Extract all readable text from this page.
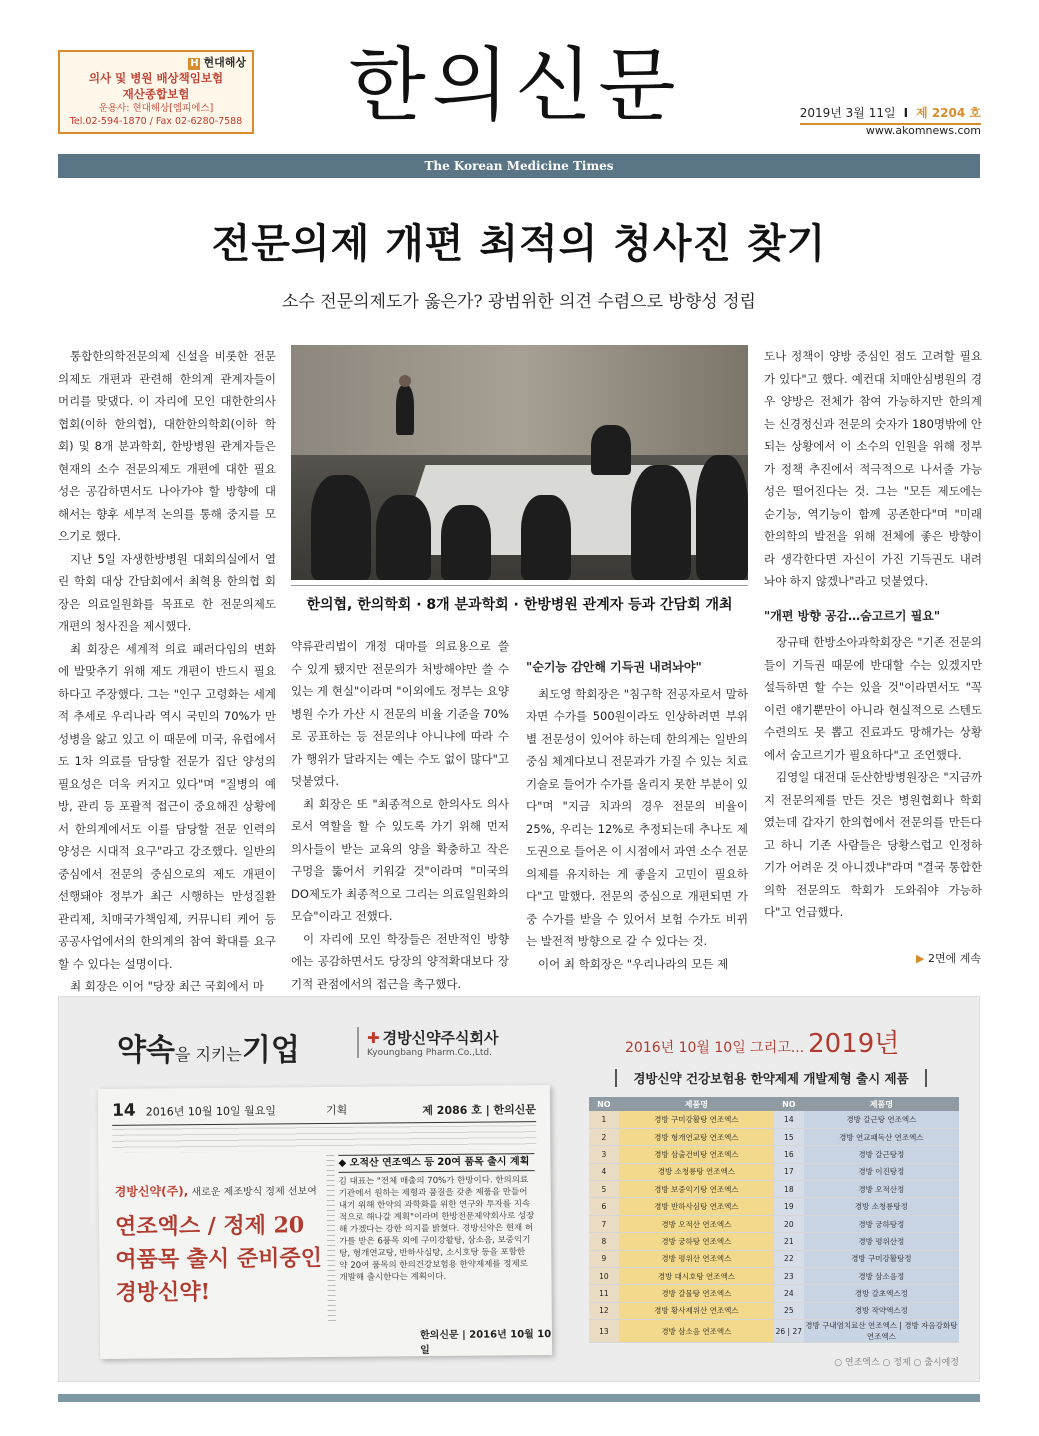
H 현대해상
의사 및 병원 배상책임보험
재산종합보험
운용사: 현대해상[엠피에스]
Tel.02-594-1870 / Fax 02-6280-7588 한의신문	2019년 3월 11일 I 제 2204 호
www.akomnews.com
The Korean Medicine Times
전문의제 개편 최적의 청사진 찾기
소수 전문의제도가 옳은가? 광범위한 의견 수렴으로 방향성 정립

통합한의학전문의제 신설을 비롯한 전문의제도 개편과 관련해 한의계 관계자들이 머리를 맞댔다. 이 자리에 모인 대한한의사협회(이하 한의협), 대한한의학회(이하 학회) 및 8개 분과학회, 한방병원 관계자들은 현재의 소수 전문의제도 개편에 대한 필요성은 공감하면서도 나아가야 할 방향에 대해서는 향후 세부적 논의를 통해 중지를 모으기로 했다.

지난 5일 자생한방병원 대회의실에서 열린 학회 대상 간담회에서 최혁용 한의협 회장은 의료일원화를 목표로 한 전문의제도 개편의 청사진을 제시했다.

최 회장은 세계적 의료 패러다임의 변화에 발맞추기 위해 제도 개편이 반드시 필요하다고 주장했다. 그는 "인구 고령화는 세계적 추세로 우리나라 역시 국민의 70%가 만성병을 앓고 있고 이 때문에 미국, 유럽에서도 1차 의료를 담당할 전문가 집단 양성의 필요성은 더욱 커지고 있다"며 "질병의 예방, 관리 등 포괄적 접근이 중요해진 상황에서 한의계에서도 이를 담당할 전문 인력의 양성은 시대적 요구"라고 강조했다. 일반의 중심에서 전문의 중심으로의 제도 개편이 선행돼야 정부가 최근 시행하는 만성질환 관리제, 치매국가책임제, 커뮤니티 케어 등 공공사업에서의 한의계의 참여 확대를 요구할 수 있다는 설명이다.

최 회장은 이어 "당장 최근 국회에서 마

한의협, 한의학회 · 8개 분과학회 · 한방병원 관계자 등과 간담회 개최

약류관리법이 개정 대마를 의료용으로 쓸 수 있게 됐지만 전문의가 처방해야만 쓸 수 있는 게 현실"이라며 "이외에도 정부는 요양병원 수가 가산 시 전문의 비율 기준을 70%로 공표하는 등 전문의냐 아니냐에 따라 수가 행위가 달라지는 예는 수도 없이 많다"고 덧붙였다.

최 회장은 또 "최종적으로 한의사도 의사로서 역할을 할 수 있도록 가기 위해 먼저 의사들이 받는 교육의 양을 확충하고 작은 구멍을 뚫어서 키워갈 것"이라며 "미국의 DO제도가 최종적으로 그리는 의료일원화의 모습"이라고 전했다.

이 자리에 모인 학장들은 전반적인 방향에는 공감하면서도 당장의 양적확대보다 장기적 관점에서의 접근을 촉구했다.

"순기능 감안해 기득권 내려놔야"

최도영 학회장은 "침구학 전공자로서 말하자면 수가를 500원이라도 인상하려면 부위별 전문성이 있어야 하는데 한의계는 일반의 중심 체계다보니 전문과가 가질 수 있는 치료기술로 들어가 수가를 올리지 못한 부분이 있다"며 "지금 치과의 경우 전문의 비율이 25%, 우리는 12%로 추정되는데 추나도 제도권으로 들어온 이 시점에서 과연 소수 전문의제를 유지하는 게 좋을지 고민이 필요하다"고 말했다. 전문의 중심으로 개편되면 가중 수가를 받을 수 있어서 보험 수가도 비뀌는 발전적 방향으로 갈 수 있다는 것.

이어 최 학회장은 "우리나라의 모든 제

도나 정책이 양방 중심인 점도 고려할 필요가 있다"고 했다. 예컨대 치매안심병원의 경우 양방은 전체가 참여 가능하지만 한의계는 신경정신과 전문의 숫자가 180명밖에 안 되는 상황에서 이 소수의 인원을 위해 정부가 정책 추진에서 적극적으로 나서줄 가능성은 떨어진다는 것. 그는 "모든 제도에는 순기능, 역기능이 함께 공존한다"며 "미래 한의학의 발전을 위해 전체에 좋은 방향이라 생각한다면 자신이 가진 기득권도 내려놔야 하지 않겠나"라고 덧붙였다.

"개편 방향 공감…숨고르기 필요"

장규태 한방소아과학회장은 "기존 전문의들이 기득권 때문에 반대할 수는 있겠지만 설득하면 할 수는 있을 것"이라면서도 "꼭 이런 얘기뿐만이 아니라 현실적으로 스텐도 수련의도 못 뽑고 진료과도 망해가는 상황에서 숨고르기가 필요하다"고 조언했다.

김영일 대전대 둔산한방병원장은 "지금까지 전문의제를 만든 것은 병원협회나 학회였는데 갑자기 한의협에서 전문의를 만든다고 하니 기존 사람들은 당황스럽고 인정하기가 어려운 것 아니겠냐"라며 "결국 통합한의학 전문의도 학회가 도와줘야 가능하다"고 언급했다.

▶ 2면에 계속
약속을 지키는기업	✚ 경방신약주식회사
Kyoungbang Pharm.Co.,Ltd.
14 2016년 10월 10일 월요일	기획	제 2086 호 | 한의신문
경방신약(주), 새로운 제조방식 정제 선보여
연조엑스 / 정제 20여품목 출시 준비중인 경방신약!
◆ 오적산 연조엑스 등 20여 품목 출시 계획
김 대표는 "전체 매출의 70%가 한방이다. 한의의료기관에서 원하는 제형과 품질을 갖춘 제품을 만들어 내기 위해 한약의 과학화를 위한 연구와 투자를 지속적으로 해나갈 계획"이라며 한방전문제약회사로 성장해 가겠다는 강한 의지를 밝혔다. 경방신약은 현재 허가를 받은 6품목 외에 구미강활탕, 삼소음, 보중익기탕, 형개연교탕, 반하사심탕, 소시호탕 등을 포함한 약 20여 품목의 한의건강보험용 한약제제를 정제로 개발해 출시한다는 계획이다.
한의신문 | 2016년 10월 10일
2016년 10월 10일 그리고... 2019년
경방신약 건강보험용 한약제제 개발제형 출시 제품
NO	제품명	NO	제품명
1	경방 구미강활탕 연조엑스	14	경방 갈근탕 연조엑스
2	경방 형개연교탕 연조엑스	15	경방 연교패독산 연조엑스
3	경방 삼출건비탕 연조엑스	16	경방 갈근탕정
4	경방 소청룡탕 연조엑스	17	경방 이진탕정
5	경방 보중익기탕 연조엑스	18	경방 오적산정
6	경방 반하사심탕 연조엑스	19	경방 소청룡탕정
7	경방 오적산 연조엑스	20	경방 궁하탕정
8	경방 궁하탕 연조엑스	21	경방 평위산정
9	경방 평위산 연조엑스	22	경방 구미강활탕정
10	경방 대시호탕 연조엑스	23	경방 삼소음정
11	경방 갈물탕 연조엑스	24	경방 갈초엑스정
12	경방 황사제위산 연조엑스	25	경방 작약엑스정
13	경방 삼소음 연조엑스	26 | 27	경방 구내염치료산 연조엑스 | 경방 자음강화탕 연조엑스
○ 연조엑스 ○ 정제 ○ 출시예정
